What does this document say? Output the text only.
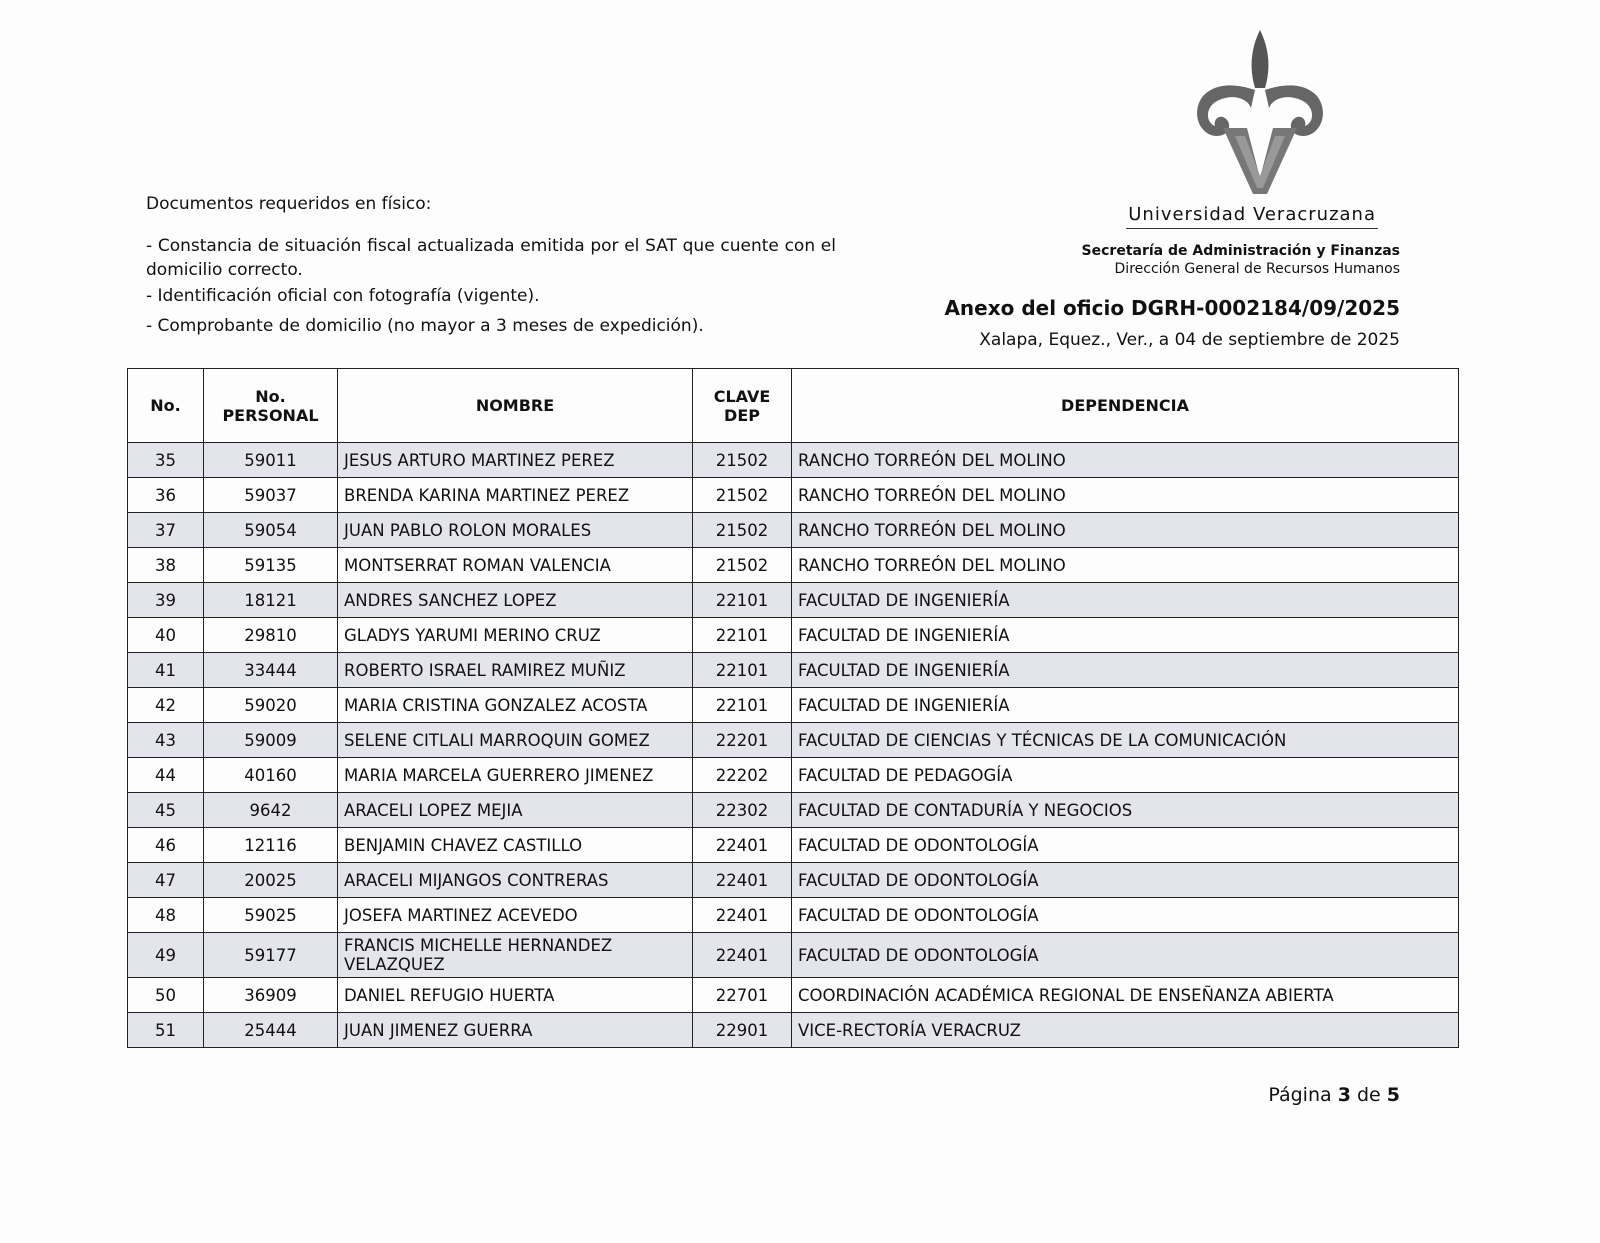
Documentos requeridos en físico:

- Constancia de situación fiscal actualizada emitida por el SAT que cuente con el domicilio correcto.

- Identificación oficial con fotografía (vigente).

- Comprobante de domicilio (no mayor a 3 meses de expedición).

Universidad Veracruzana
Secretaría de Administración y Finanzas
Dirección General de Recursos Humanos
Anexo del oficio DGRH-0002184/09/2025
Xalapa, Equez., Ver., a 04 de septiembre de 2025
No.	No. PERSONAL	NOMBRE	CLAVE DEP	DEPENDENCIA
35	59011	JESUS ARTURO MARTINEZ PEREZ	21502	RANCHO TORREÓN DEL MOLINO
36	59037	BRENDA KARINA MARTINEZ PEREZ	21502	RANCHO TORREÓN DEL MOLINO
37	59054	JUAN PABLO ROLON MORALES	21502	RANCHO TORREÓN DEL MOLINO
38	59135	MONTSERRAT ROMAN VALENCIA	21502	RANCHO TORREÓN DEL MOLINO
39	18121	ANDRES SANCHEZ LOPEZ	22101	FACULTAD DE INGENIERÍA
40	29810	GLADYS YARUMI MERINO CRUZ	22101	FACULTAD DE INGENIERÍA
41	33444	ROBERTO ISRAEL RAMIREZ MUÑIZ	22101	FACULTAD DE INGENIERÍA
42	59020	MARIA CRISTINA GONZALEZ ACOSTA	22101	FACULTAD DE INGENIERÍA
43	59009	SELENE CITLALI MARROQUIN GOMEZ	22201	FACULTAD DE CIENCIAS Y TÉCNICAS DE LA COMUNICACIÓN
44	40160	MARIA MARCELA GUERRERO JIMENEZ	22202	FACULTAD DE PEDAGOGÍA
45	9642	ARACELI LOPEZ MEJIA	22302	FACULTAD DE CONTADURÍA Y NEGOCIOS
46	12116	BENJAMIN CHAVEZ CASTILLO	22401	FACULTAD DE ODONTOLOGÍA
47	20025	ARACELI MIJANGOS CONTRERAS	22401	FACULTAD DE ODONTOLOGÍA
48	59025	JOSEFA MARTINEZ ACEVEDO	22401	FACULTAD DE ODONTOLOGÍA
49	59177	FRANCIS MICHELLE HERNANDEZ VELAZQUEZ	22401	FACULTAD DE ODONTOLOGÍA
50	36909	DANIEL REFUGIO HUERTA	22701	COORDINACIÓN ACADÉMICA REGIONAL DE ENSEÑANZA ABIERTA
51	25444	JUAN JIMENEZ GUERRA	22901	VICE-RECTORÍA VERACRUZ
Página 3 de 5
